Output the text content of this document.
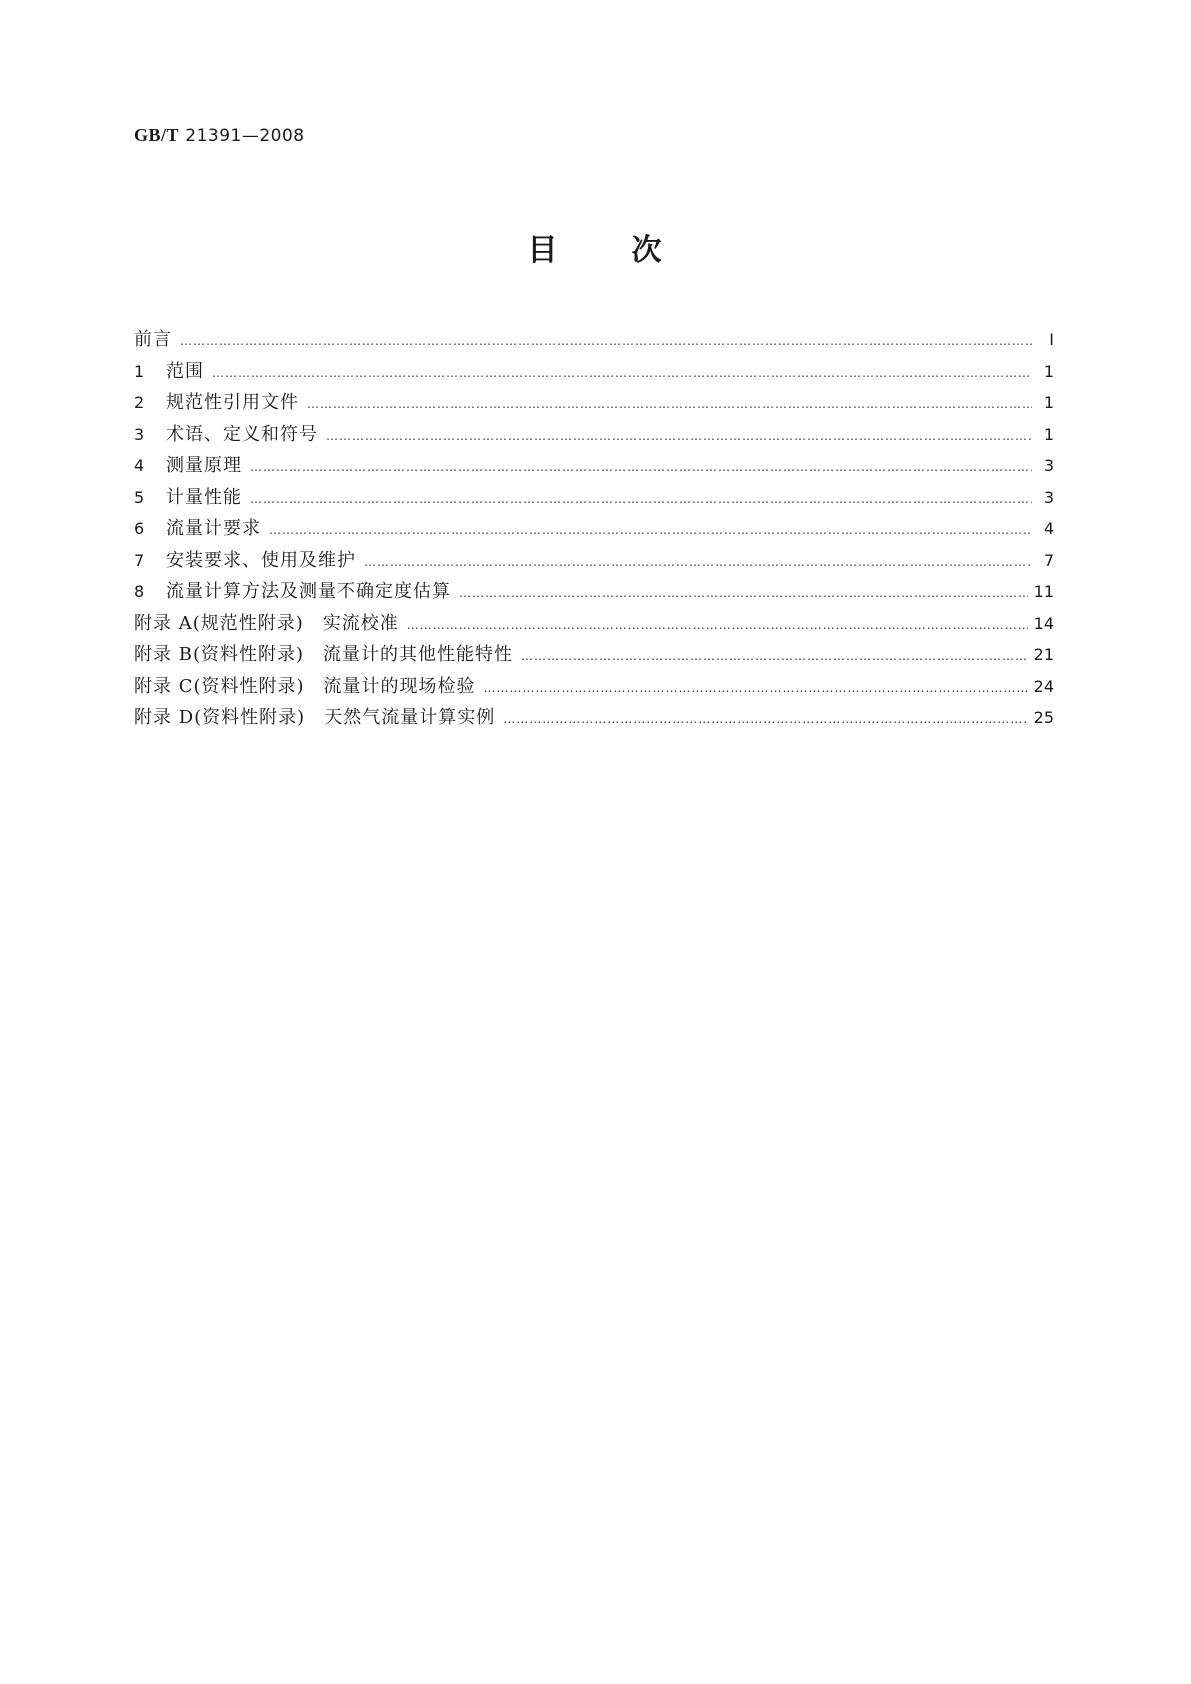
GB/T 21391—2008
目 次
前言 ……………………………………………………………………………………………………………………………………………………………………………………	Ⅰ
1 范围 ……………………………………………………………………………………………………………………………………………………………………………………	1
2 规范性引用文件 ……………………………………………………………………………………………………………………………………………………………………………………	1
3 术语、定义和符号 ……………………………………………………………………………………………………………………………………………………………………………………	1
4 测量原理 ……………………………………………………………………………………………………………………………………………………………………………………	3
5 计量性能 ……………………………………………………………………………………………………………………………………………………………………………………	3
6 流量计要求 ……………………………………………………………………………………………………………………………………………………………………………………	4
7 安装要求、使用及维护 ……………………………………………………………………………………………………………………………………………………………………………………	7
8 流量计算方法及测量不确定度估算 ……………………………………………………………………………………………………………………………………………………………………………………	11
附录 A(规范性附录)　实流校准 ……………………………………………………………………………………………………………………………………………………………………………………	14
附录 B(资料性附录)　流量计的其他性能特性 ……………………………………………………………………………………………………………………………………………………………………………………	21
附录 C(资料性附录)　流量计的现场检验 ……………………………………………………………………………………………………………………………………………………………………………………	24
附录 D(资料性附录)　天然气流量计算实例 ……………………………………………………………………………………………………………………………………………………………………………………	25
